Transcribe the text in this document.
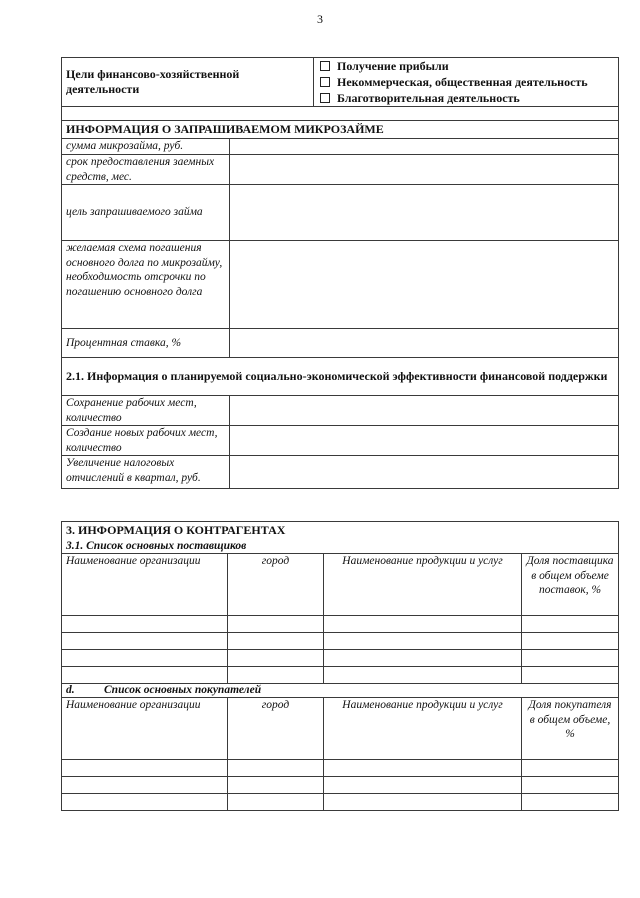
3
Цели финансово-хозяйственной деятельности		Получение прибыли
Некоммерческая, общественная деятельность
Благотворительная деятельность

ИНФОРМАЦИЯ О ЗАПРАШИВАЕМОМ МИКРОЗАЙМЕ		
сумма микрозайма, руб.		
срок предоставления заемных средств, мес.		
цель запрашиваемого займа		
желаемая схема погашения основного долга по микрозайму, необходимость отсрочки по погашению основного долга		
Процентная ставка, %		
2.1. Информация о планируемой социально-экономической эффективности финансовой поддержки		
Сохранение рабочих мест, количество		
Создание новых рабочих мест, количество		
Увеличение налоговых отчислений в квартал, руб.		
3. ИНФОРМАЦИЯ О КОНТРАГЕНТАХ			
3.1. Список основных поставщиков			
Наименование организации	город	Наименование продукции и услуг	Доля поставщика в общем объеме поставок, %

d. Список основных покупателей			
Наименование организации	город	Наименование продукции и услуг	Доля покупателя в общем объеме, %
